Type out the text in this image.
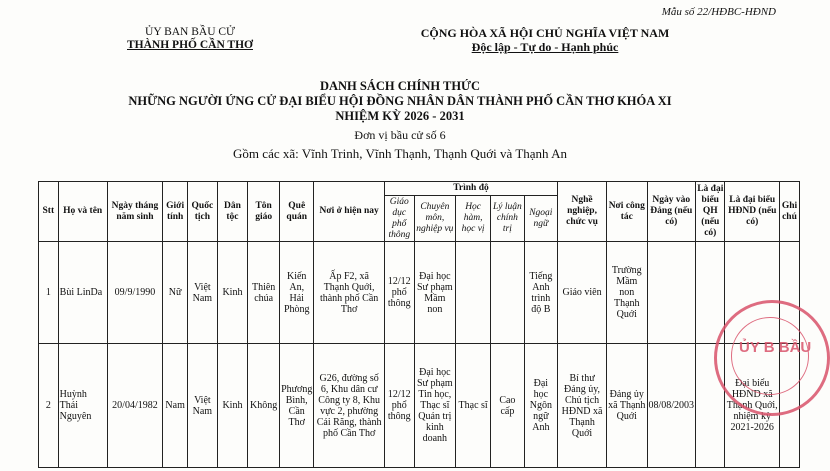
Mẫu số 22/HĐBC-HĐND
ỦY BAN BẦU CỬ
THÀNH PHỐ CẦN THƠ
CỘNG HÒA XÃ HỘI CHỦ NGHĨA VIỆT NAM
Độc lập - Tự do - Hạnh phúc
DANH SÁCH CHÍNH THỨC
NHỮNG NGƯỜI ỨNG CỬ ĐẠI BIỂU HỘI ĐỒNG NHÂN DÂN THÀNH PHỐ CẦN THƠ KHÓA XI
NHIỆM KỲ 2026 - 2031
Đơn vị bầu cử số 6
Gồm các xã: Vĩnh Trinh, Vĩnh Thạnh, Thạnh Quới và Thạnh An
Stt	Họ và tên	Ngày tháng năm sinh	Giới tính	Quốc tịch	Dân tộc	Tôn giáo	Quê quán	Nơi ở hiện nay	Trình độ					Nghề nghiệp, chức vụ	Nơi công tác	Ngày vào Đảng (nếu có)	Là đại biểu QH (nếu có)	Là đại biểu HĐND (nếu có)	Ghi chú
									Giáo dục phổ thông	Chuyên môn, nghiệp vụ	Học hàm, học vị	Lý luận chính trị	Ngoại ngữ						
1	Bùi LinDa	09/9/1990	Nữ	Việt Nam	Kinh	Thiên chúa	Kiến An, Hải Phòng	Ấp F2, xã Thạnh Quới, thành phố Cần Thơ	12/12 phổ thông	Đại học Sư phạm Mầm non			Tiếng Anh trình độ B	Giáo viên	Trường Mầm non Thạnh Quới				
2	Huỳnh Thái Nguyên	20/04/1982	Nam	Việt Nam	Kinh	Không	Phương Bình, Cần Thơ	G26, đường số 6, Khu dân cư Công ty 8, Khu vực 2, phường Cái Răng, thành phố Cần Thơ	12/12 phổ thông	Đại học Sư phạm Tin học, Thạc sĩ Quản trị kinh doanh	Thạc sĩ	Cao cấp	Đại học Ngôn ngữ Anh	Bí thư Đảng ủy, Chủ tịch HĐND xã Thạnh Quới	Đảng ủy xã Thạnh Quới	08/08/2003		Đại biểu HĐND xã Thạnh Quới, nhiệm kỳ 2021-2026	
ỦY B BẦU
